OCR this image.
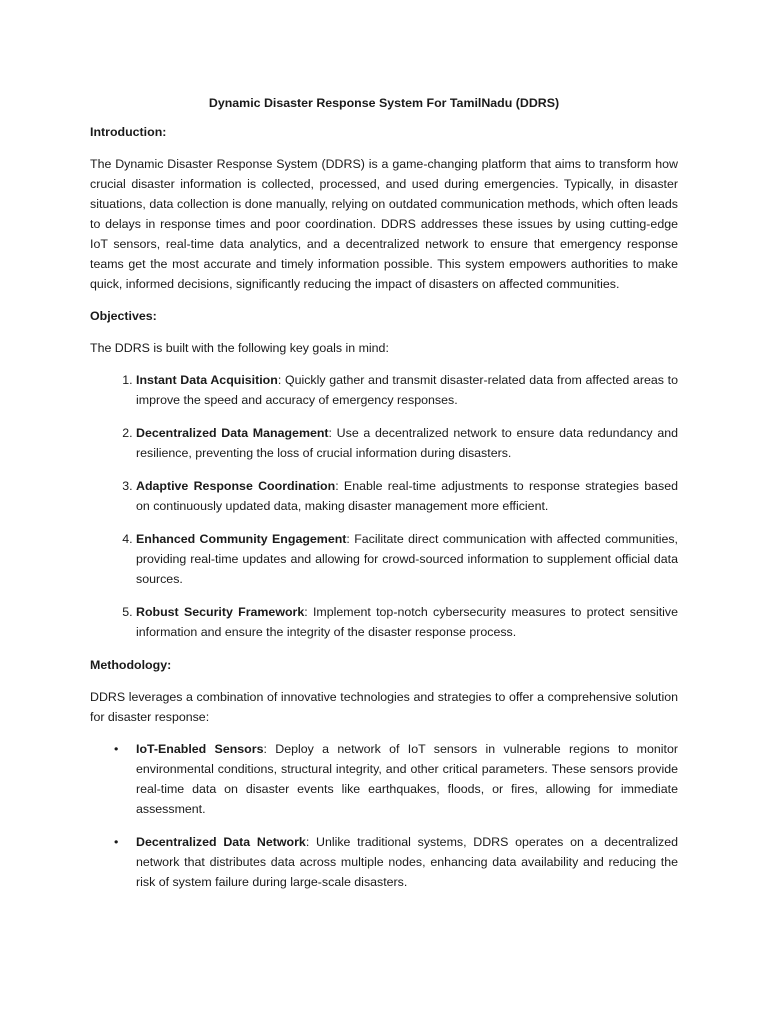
Dynamic Disaster Response System For TamilNadu (DDRS)
Introduction:

The Dynamic Disaster Response System (DDRS) is a game-changing platform that aims to transform how crucial disaster information is collected, processed, and used during emergencies. Typically, in disaster situations, data collection is done manually, relying on outdated communication methods, which often leads to delays in response times and poor coordination. DDRS addresses these issues by using cutting-edge IoT sensors, real-time data analytics, and a decentralized network to ensure that emergency response teams get the most accurate and timely information possible. This system empowers authorities to make quick, informed decisions, significantly reducing the impact of disasters on affected communities.

Objectives:

The DDRS is built with the following key goals in mind:

1. Instant Data Acquisition: Quickly gather and transmit disaster-related data from affected areas to improve the speed and accuracy of emergency responses.
2. Decentralized Data Management: Use a decentralized network to ensure data redundancy and resilience, preventing the loss of crucial information during disasters.
3. Adaptive Response Coordination: Enable real-time adjustments to response strategies based on continuously updated data, making disaster management more efficient.
4. Enhanced Community Engagement: Facilitate direct communication with affected communities, providing real-time updates and allowing for crowd-sourced information to supplement official data sources.
5. Robust Security Framework: Implement top-notch cybersecurity measures to protect sensitive information and ensure the integrity of the disaster response process.
Methodology:

DDRS leverages a combination of innovative technologies and strategies to offer a comprehensive solution for disaster response:

• IoT-Enabled Sensors: Deploy a network of IoT sensors in vulnerable regions to monitor environmental conditions, structural integrity, and other critical parameters. These sensors provide real-time data on disaster events like earthquakes, floods, or fires, allowing for immediate assessment.
• Decentralized Data Network: Unlike traditional systems, DDRS operates on a decentralized network that distributes data across multiple nodes, enhancing data availability and reducing the risk of system failure during large-scale disasters.
